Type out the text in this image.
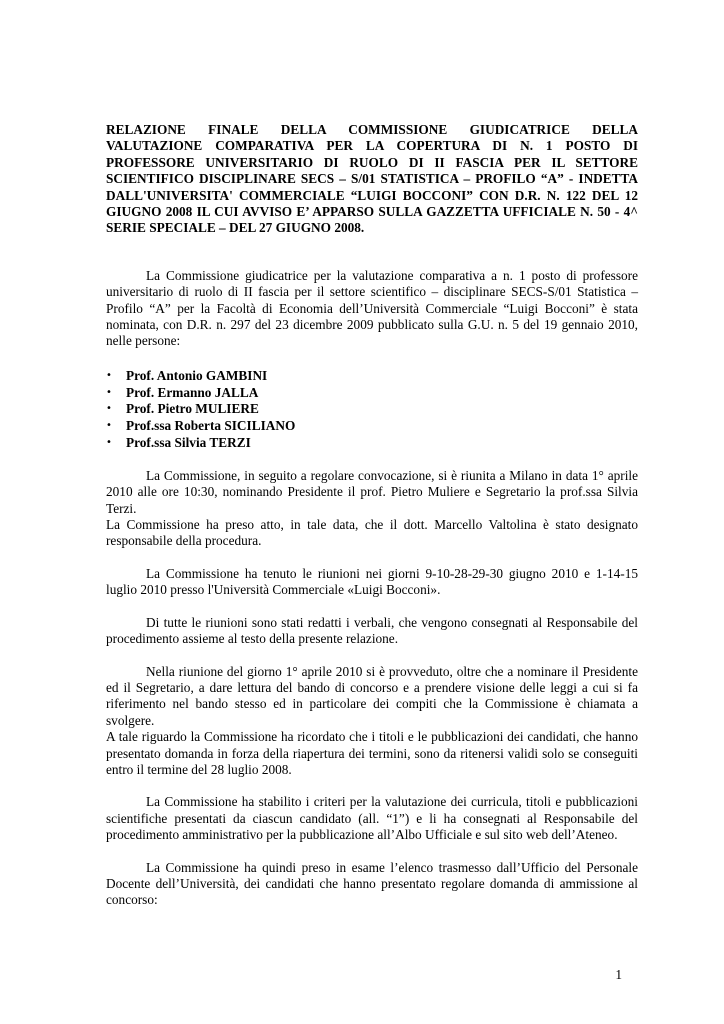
RELAZIONE FINALE DELLA COMMISSIONE GIUDICATRICE DELLA VALUTAZIONE COMPARATIVA PER LA COPERTURA DI N. 1 POSTO DI PROFESSORE UNIVERSITARIO DI RUOLO DI II FASCIA PER IL SETTORE SCIENTIFICO DISCIPLINARE SECS – S/01 STATISTICA – PROFILO “A” - INDETTA DALL'UNIVERSITA' COMMERCIALE “LUIGI BOCCONI” CON D.R. N. 122 DEL 12 GIUGNO 2008 IL CUI AVVISO E’ APPARSO SULLA GAZZETTA UFFICIALE N. 50 - 4^ SERIE SPECIALE – DEL 27 GIUGNO 2008.

La Commissione giudicatrice per la valutazione comparativa a n. 1 posto di professore universitario di ruolo di II fascia per il settore scientifico – disciplinare SECS-S/01 Statistica – Profilo “A” per la Facoltà di Economia dell’Università Commerciale “Luigi Bocconi” è stata nominata, con D.R. n. 297 del 23 dicembre 2009 pubblicato sulla G.U. n. 5 del 19 gennaio 2010, nelle persone:

• Prof. Antonio GAMBINI
• Prof. Ermanno JALLA
• Prof. Pietro MULIERE
• Prof.ssa Roberta SICILIANO
• Prof.ssa Silvia TERZI

La Commissione, in seguito a regolare convocazione, si è riunita a Milano in data 1° aprile 2010 alle ore 10:30, nominando Presidente il prof. Pietro Muliere e Segretario la prof.ssa Silvia Terzi.

La Commissione ha preso atto, in tale data, che il dott. Marcello Valtolina è stato designato responsabile della procedura.

La Commissione ha tenuto le riunioni nei giorni 9-10-28-29-30 giugno 2010 e 1-14-15 luglio 2010 presso l'Università Commerciale «Luigi Bocconi».

Di tutte le riunioni sono stati redatti i verbali, che vengono consegnati al Responsabile del procedimento assieme al testo della presente relazione.

Nella riunione del giorno 1° aprile 2010 si è provveduto, oltre che a nominare il Presidente ed il Segretario, a dare lettura del bando di concorso e a prendere visione delle leggi a cui si fa riferimento nel bando stesso ed in particolare dei compiti che la Commissione è chiamata a svolgere.

A tale riguardo la Commissione ha ricordato che i titoli e le pubblicazioni dei candidati, che hanno presentato domanda in forza della riapertura dei termini, sono da ritenersi validi solo se conseguiti entro il termine del 28 luglio 2008.

La Commissione ha stabilito i criteri per la valutazione dei curricula, titoli e pubblicazioni scientifiche presentati da ciascun candidato (all. “1”) e li ha consegnati al Responsabile del procedimento amministrativo per la pubblicazione all’Albo Ufficiale e sul sito web dell’Ateneo.

La Commissione ha quindi preso in esame l’elenco trasmesso dall’Ufficio del Personale Docente dell’Università, dei candidati che hanno presentato regolare domanda di ammissione al concorso:

1
